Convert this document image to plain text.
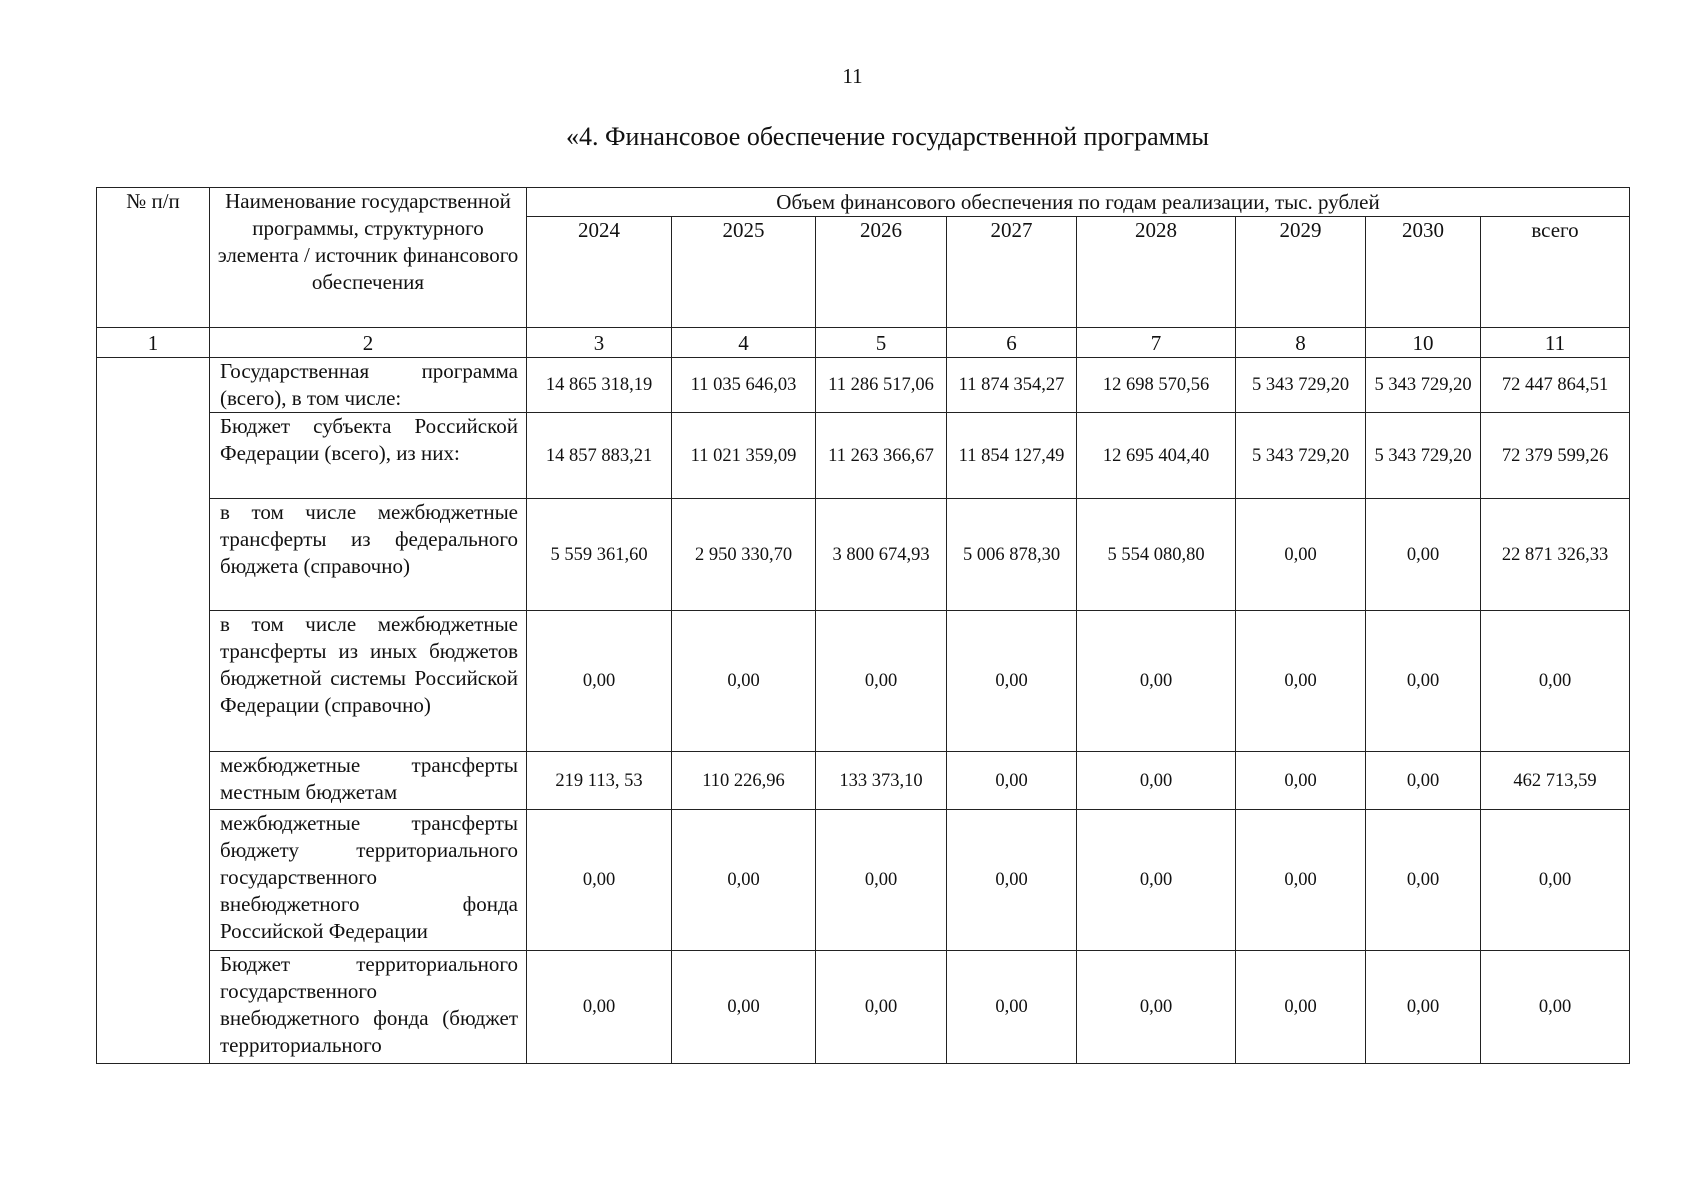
11
«4. Финансовое обеспечение государственной программы
№ п/п	Наименование государственной программы, структурного элемента / источник финансового обеспечения	Объем финансового обеспечения по годам реализации, тыс. рублей							
		2024	2025	2026	2027	2028	2029	2030	всего
1	2	3	4	5	6	7	8	10	11
	Государственная программа (всего), в том числе:	14 865 318,19	11 035 646,03	11 286 517,06	11 874 354,27	12 698 570,56	5 343 729,20	5 343 729,20	72 447 864,51
	Бюджет субъекта Российской Федерации (всего), из них:	14 857 883,21	11 021 359,09	11 263 366,67	11 854 127,49	12 695 404,40	5 343 729,20	5 343 729,20	72 379 599,26
	в том числе межбюджетные трансферты из федерального бюджета (справочно)	5 559 361,60	2 950 330,70	3 800 674,93	5 006 878,30	5 554 080,80	0,00	0,00	22 871 326,33
	в том числе межбюджетные трансферты из иных бюджетов бюджетной системы Российской Федерации (справочно)	0,00	0,00	0,00	0,00	0,00	0,00	0,00	0,00
	межбюджетные трансферты местным бюджетам	219 113, 53	110 226,96	133 373,10	0,00	0,00	0,00	0,00	462 713,59
	межбюджетные трансферты бюджету территориального государственного внебюджетного фонда Российской Федерации	0,00	0,00	0,00	0,00	0,00	0,00	0,00	0,00
	Бюджет территориального государственного внебюджетного фонда (бюджет территориального	0,00	0,00	0,00	0,00	0,00	0,00	0,00	0,00
